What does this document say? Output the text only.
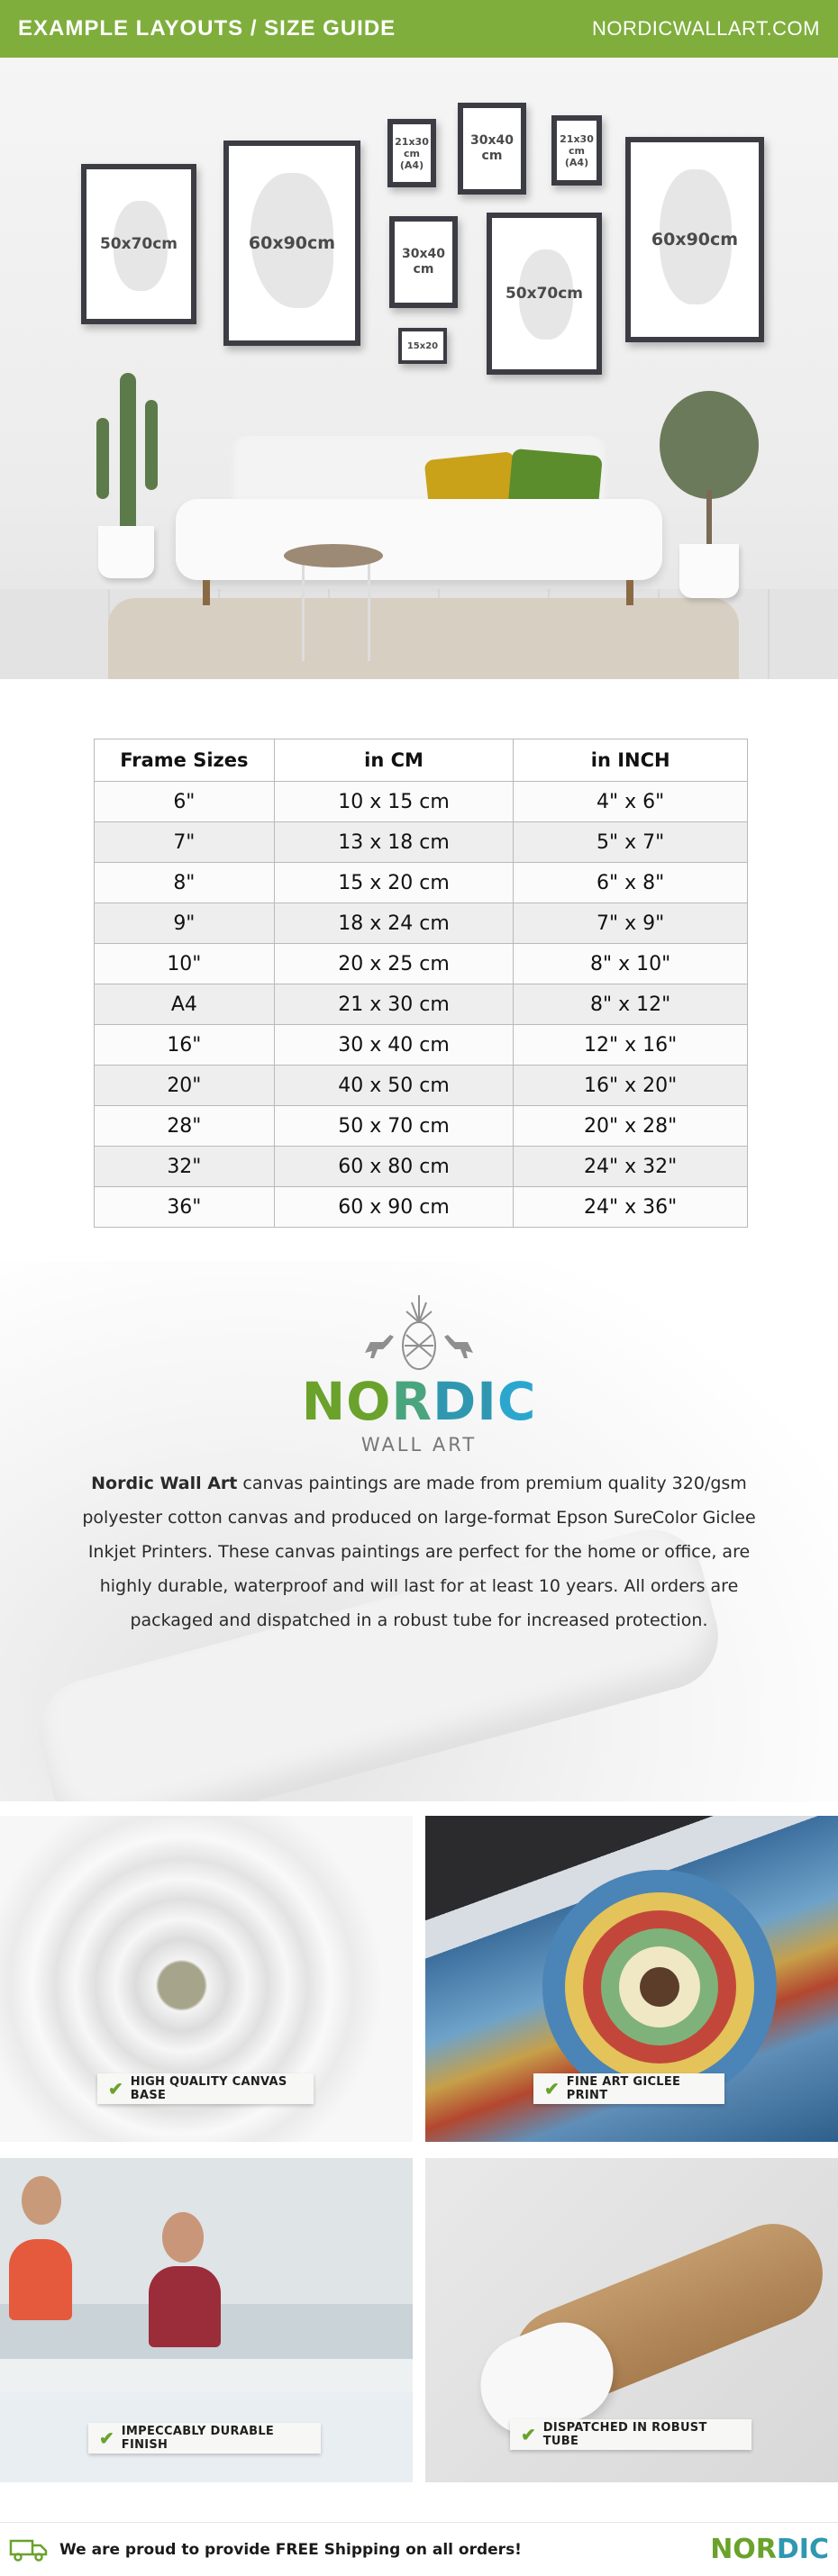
EXAMPLE LAYOUTS / SIZE GUIDE	NORDICWALLART.COM
50x70cm	60x90cm
21x30 cm (A4)
30x40 cm
21x30 cm (A4)
60x90cm
30x40 cm
50x70cm
15x20
Frame Sizes	in CM	in INCH
6"	10 x 15 cm	4" x 6"
7"	13 x 18 cm	5" x 7"
8"	15 x 20 cm	6" x 8"
9"	18 x 24 cm	7" x 9"
10"	20 x 25 cm	8" x 10"
A4	21 x 30 cm	8" x 12"
16"	30 x 40 cm	12" x 16"
20"	40 x 50 cm	16" x 20"
28"	50 x 70 cm	20" x 28"
32"	60 x 80 cm	24" x 32"
36"	60 x 90 cm	24" x 36"
NORDIC
WALL ART
Nordic Wall Art canvas paintings are made from premium quality 320/gsm polyester cotton canvas and produced on large-format Epson SureColor Giclee Inkjet Printers. These canvas paintings are perfect for the home or office, are highly durable, waterproof and will last for at least 10 years. All orders are packaged and dispatched in a robust tube for increased protection.
✔ HIGH QUALITY CANVAS BASE	✔ FINE ART GICLEE PRINT
✔ IMPECCABLY DURABLE FINISH	✔ DISPATCHED IN ROBUST TUBE
We are proud to provide FREE Shipping on all orders!	NORDIC
